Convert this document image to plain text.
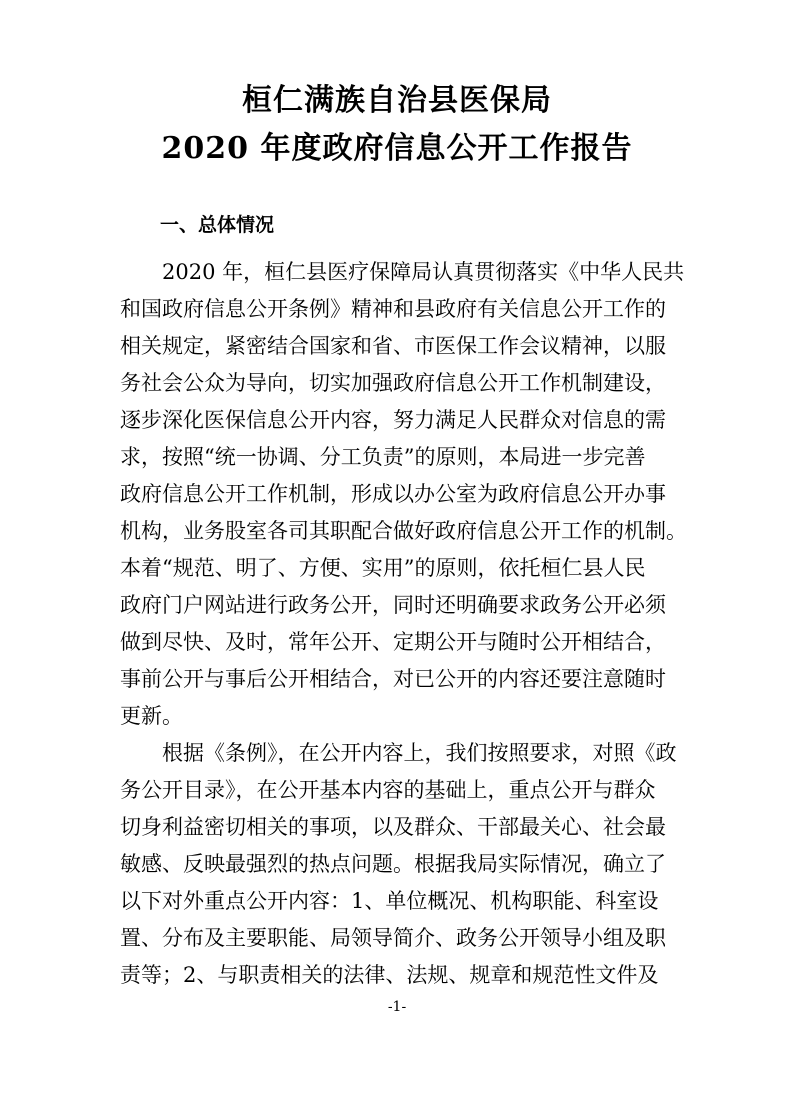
桓仁满族自治县医保局
2020 年度政府信息公开工作报告
一、总体情况

2020 年，桓仁县医疗保障局认真贯彻落实《中华人民共

和国政府信息公开条例》精神和县政府有关信息公开工作的

相关规定，紧密结合国家和省、市医保工作会议精神，以服

务社会公众为导向，切实加强政府信息公开工作机制建设，

逐步深化医保信息公开内容，努力满足人民群众对信息的需

求，按照“统一协调、分工负责”的原则，本局进一步完善

政府信息公开工作机制，形成以办公室为政府信息公开办事

机构，业务股室各司其职配合做好政府信息公开工作的机制。

本着“规范、明了、方便、实用”的原则，依托桓仁县人民

政府门户网站进行政务公开，同时还明确要求政务公开必须

做到尽快、及时，常年公开、定期公开与随时公开相结合，

事前公开与事后公开相结合，对已公开的内容还要注意随时

更新。

根据《条例》，在公开内容上，我们按照要求，对照《政

务公开目录》，在公开基本内容的基础上，重点公开与群众

切身利益密切相关的事项，以及群众、干部最关心、社会最

敏感、反映最强烈的热点问题。根据我局实际情况，确立了

以下对外重点公开内容：1、单位概况、机构职能、科室设

置、分布及主要职能、局领导简介、政务公开领导小组及职

责等；2、与职责相关的法律、法规、规章和规范性文件及

-1-
